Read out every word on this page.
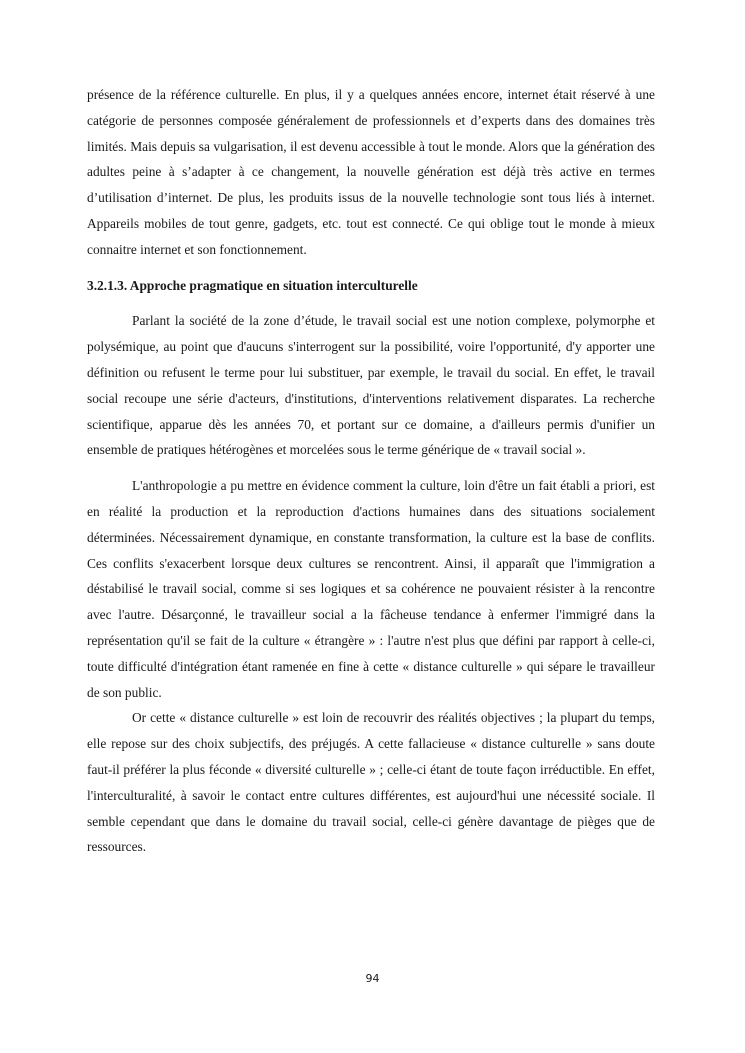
présence de la référence culturelle. En plus, il y a quelques années encore, internet était réservé à une catégorie de personnes composée généralement de professionnels et d’experts dans des domaines très limités. Mais depuis sa vulgarisation, il est devenu accessible à tout le monde. Alors que la génération des adultes peine à s’adapter à ce changement, la nouvelle génération est déjà très active en termes d’utilisation d’internet. De plus, les produits issus de la nouvelle technologie sont tous liés à internet. Appareils mobiles de tout genre, gadgets, etc. tout est connecté. Ce qui oblige tout le monde à mieux connaitre internet et son fonctionnement.

3.2.1.3. Approche pragmatique en situation interculturelle

Parlant la société de la zone d’étude, le travail social est une notion complexe, polymorphe et polysémique, au point que d'aucuns s'interrogent sur la possibilité, voire l'opportunité, d'y apporter une définition ou refusent le terme pour lui substituer, par exemple, le travail du social. En effet, le travail social recoupe une série d'acteurs, d'institutions, d'interventions relativement disparates. La recherche scientifique, apparue dès les années 70, et portant sur ce domaine, a d'ailleurs permis d'unifier un ensemble de pratiques hétérogènes et morcelées sous le terme générique de « travail social ».

L'anthropologie a pu mettre en évidence comment la culture, loin d'être un fait établi a priori, est en réalité la production et la reproduction d'actions humaines dans des situations socialement déterminées. Nécessairement dynamique, en constante transformation, la culture est la base de conflits. Ces conflits s'exacerbent lorsque deux cultures se rencontrent. Ainsi, il apparaît que l'immigration a déstabilisé le travail social, comme si ses logiques et sa cohérence ne pouvaient résister à la rencontre avec l'autre. Désarçonné, le travailleur social a la fâcheuse tendance à enfermer l'immigré dans la représentation qu'il se fait de la culture « étrangère » : l'autre n'est plus que défini par rapport à celle-ci, toute difficulté d'intégration étant ramenée en fine à cette « distance culturelle » qui sépare le travailleur de son public.

Or cette « distance culturelle » est loin de recouvrir des réalités objectives ; la plupart du temps, elle repose sur des choix subjectifs, des préjugés. A cette fallacieuse « distance culturelle » sans doute faut-il préférer la plus féconde « diversité culturelle » ; celle-ci étant de toute façon irréductible. En effet, l'interculturalité, à savoir le contact entre cultures différentes, est aujourd'hui une nécessité sociale. Il semble cependant que dans le domaine du travail social, celle-ci génère davantage de pièges que de ressources.

94
